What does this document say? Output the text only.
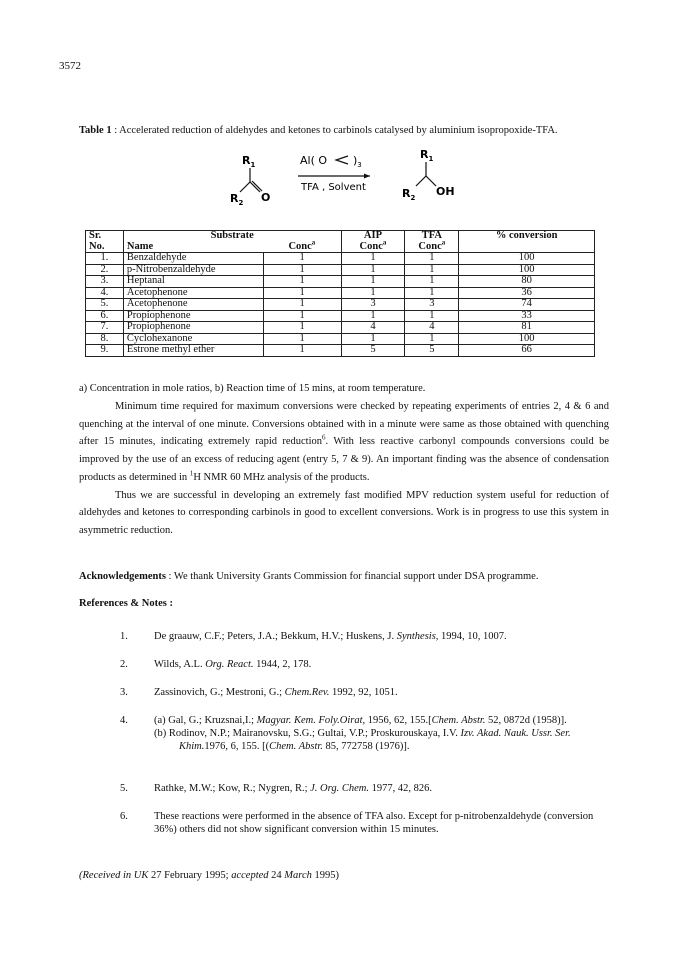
3572
Table 1 : Accelerated reduction of aldehydes and ketones to carbinols catalysed by aluminium isopropoxide-TFA.
$R_1$
$R_2$ O
Al( O )$_3$
TFA , Solvent
$R_1$
$R_2$ OH
Sr.	Substrate		AIP	TFA	% conversion
No.	Name	Conc$^a$	Conc$^a$	Conc$^a$
1.	Benzaldehyde	1	1	1	100
2.	p-Nitrobenzaldehyde	1	1	1	100
3.	Heptanal	1	1	1	80
4.	Acetophenone	1	1	1	36
5.	Acetophenone	1	3	3	74
6.	Propiophenone	1	1	1	33
7.	Propiophenone	1	4	4	81
8.	Cyclohexanone	1	1	1	100
9.	Estrone methyl ether	1	5	5	66
a) Concentration in mole ratios, b) Reaction time of 15 mins, at room temperature.

Minimum time required for maximum conversions were checked by repeating experiments of entries 2, 4 & 6 and quenching at the interval of one minute. Conversions obtained with in a minute were same as those obtained with quenching after 15 minutes, indicating extremely rapid reduction$^6$. With less reactive carbonyl compounds conversions could be improved by the use of an excess of reducing agent (entry 5, 7 & 9). An important finding was the absence of condensation products as determined in $^1$H NMR 60 MHz analysis of the products.

Thus we are successful in developing an extremely fast modified MPV reduction system useful for reduction of aldehydes and ketones to corresponding carbinols in good to excellent conversions. Work is in progress to use this system in asymmetric reduction.

Acknowledgements : We thank University Grants Commission for financial support under DSA programme.
References & Notes :
1. De graauw, C.F.; Peters, J.A.; Bekkum, H.V.; Huskens, J. Synthesis, 1994, 10, 1007.
2. Wilds, A.L. Org. React. 1944, 2, 178.
3. Zassinovich, G.; Mestroni, G.; Chem.Rev. 1992, 92, 1051.
4. (a) Gal, G.; Kruzsnai,I.; Magyar. Kem. Foly.Oirat, 1956, 62, 155.[Chem. Abstr. 52, 0872d (1958)].
(b) Rodinov, N.P.; Mairanovsku, S.G.; Gultai, V.P.; Proskurouskaya, I.V. Izv. Akad. Nauk. Ussr. Ser. Khim.1976, 6, 155. [(Chem. Abstr. 85, 772758 (1976)].
5. Rathke, M.W.; Kow, R.; Nygren, R.; J. Org. Chem. 1977, 42, 826.
6. These reactions were performed in the absence of TFA also. Except for p-nitrobenzaldehyde (conversion 36%) others did not show significant conversion within 15 minutes.
(Received in UK 27 February 1995; accepted 24 March 1995)
